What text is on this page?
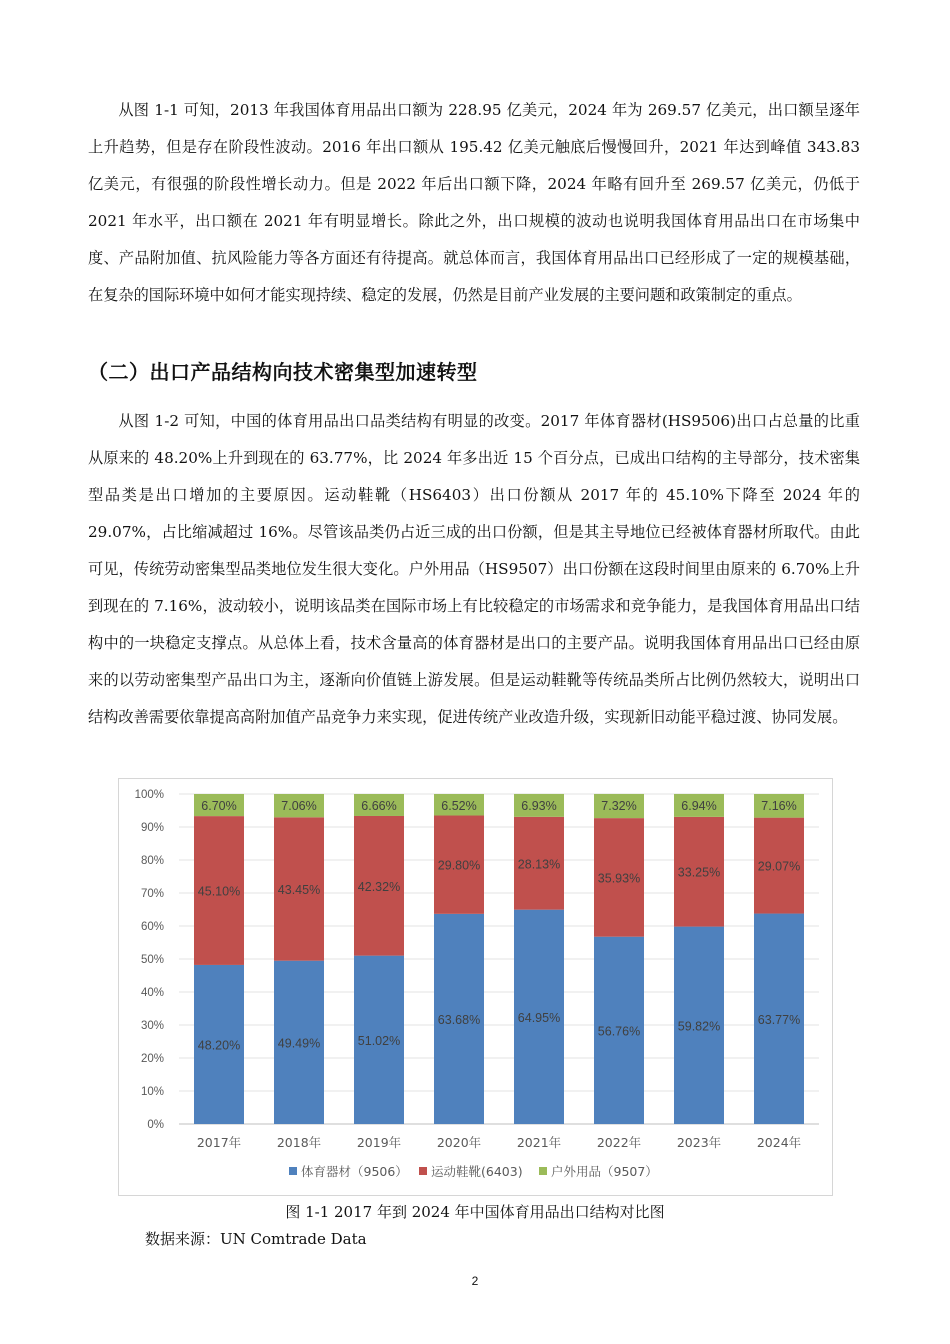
从图 1-1 可知，2013 年我国体育用品出口额为 228.95 亿美元，2024 年为 269.57 亿美元，出口额呈逐年上升趋势，但是存在阶段性波动。2016 年出口额从 195.42 亿美元触底后慢慢回升，2021 年达到峰值 343.83 亿美元，有很强的阶段性增长动力。但是 2022 年后出口额下降，2024 年略有回升至 269.57 亿美元，仍低于 2021 年水平，出口额在 2021 年有明显增长。除此之外，出口规模的波动也说明我国体育用品出口在市场集中度、产品附加值、抗风险能力等各方面还有待提高。就总体而言，我国体育用品出口已经形成了一定的规模基础，在复杂的国际环境中如何才能实现持续、稳定的发展，仍然是目前产业发展的主要问题和政策制定的重点。

（二）出口产品结构向技术密集型加速转型

从图 1-2 可知，中国的体育用品出口品类结构有明显的改变。2017 年体育器材(HS9506)出口占总量的比重从原来的 48.20%上升到现在的 63.77%，比 2024 年多出近 15 个百分点，已成出口结构的主导部分，技术密集型品类是出口增加的主要原因。运动鞋靴（HS6403）出口份额从 2017 年的 45.10%下降至 2024 年的 29.07%，占比缩减超过 16%。尽管该品类仍占近三成的出口份额，但是其主导地位已经被体育器材所取代。由此可见，传统劳动密集型品类地位发生很大变化。户外用品（HS9507）出口份额在这段时间里由原来的 6.70%上升到现在的 7.16%，波动较小，说明该品类在国际市场上有比较稳定的市场需求和竞争能力，是我国体育用品出口结构中的一块稳定支撑点。从总体上看，技术含量高的体育器材是出口的主要产品。说明我国体育用品出口已经由原来的以劳动密集型产品出口为主，逐渐向价值链上游发展。但是运动鞋靴等传统品类所占比例仍然较大，说明出口结构改善需要依靠提高高附加值产品竞争力来实现，促进传统产业改造升级，实现新旧动能平稳过渡、协同发展。

0%
10%
20%
30%
40%
50%
60%
70%
80%
90%
100%
48.20%
45.10%
6.70%
2017年
49.49%
43.45%
7.06%
2018年
51.02%
42.32%
6.66%
2019年
63.68%
29.80%
6.52%
2020年
64.95%
28.13%
6.93%
2021年
56.76%
35.93%
7.32%
2022年
59.82%
33.25%
6.94%
2023年
63.77%
29.07%
7.16%
2024年
体育器材（9506） 运动鞋靴(6403) 户外用品（9507）

图 1-1 2017 年到 2024 年中国体育用品出口结构对比图

数据来源：UN Comtrade Data

2
